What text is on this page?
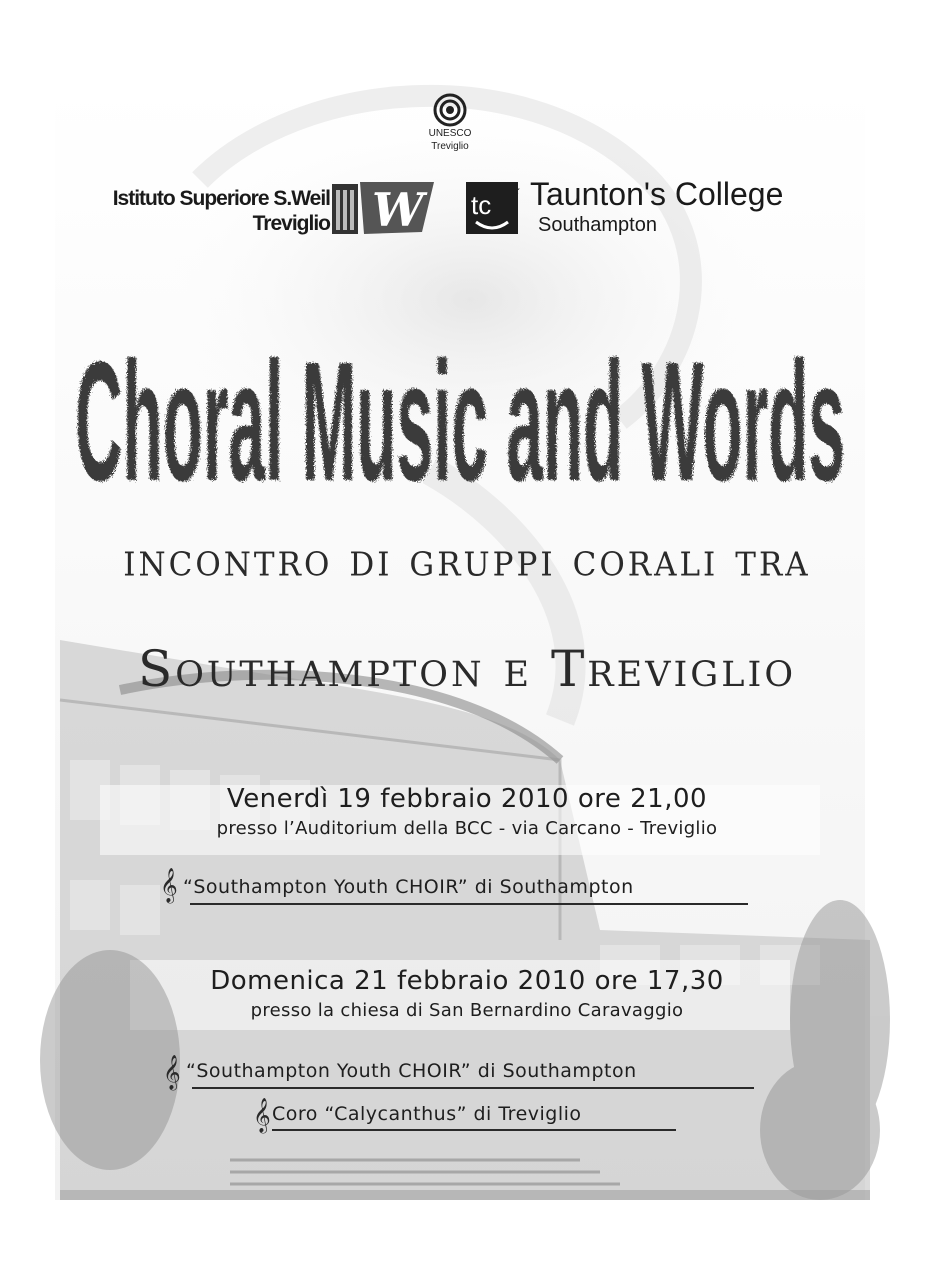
UNESCO
Treviglio
Istituto Superiore S.Weil
Treviglio W tc ★ Taunton's College
Southampton
Choral Music and Words
incontro di gruppi corali tra
Southampton e Treviglio
Venerdì 19 febbraio 2010 ore 21,00
presso l’Auditorium della BCC - via Carcano - Treviglio
𝄞 “Southampton Youth CHOIR” di Southampton
Domenica 21 febbraio 2010 ore 17,30
presso la chiesa di San Bernardino Caravaggio
𝄞 “Southampton Youth CHOIR” di Southampton
𝄞 Coro “Calycanthus” di Treviglio
